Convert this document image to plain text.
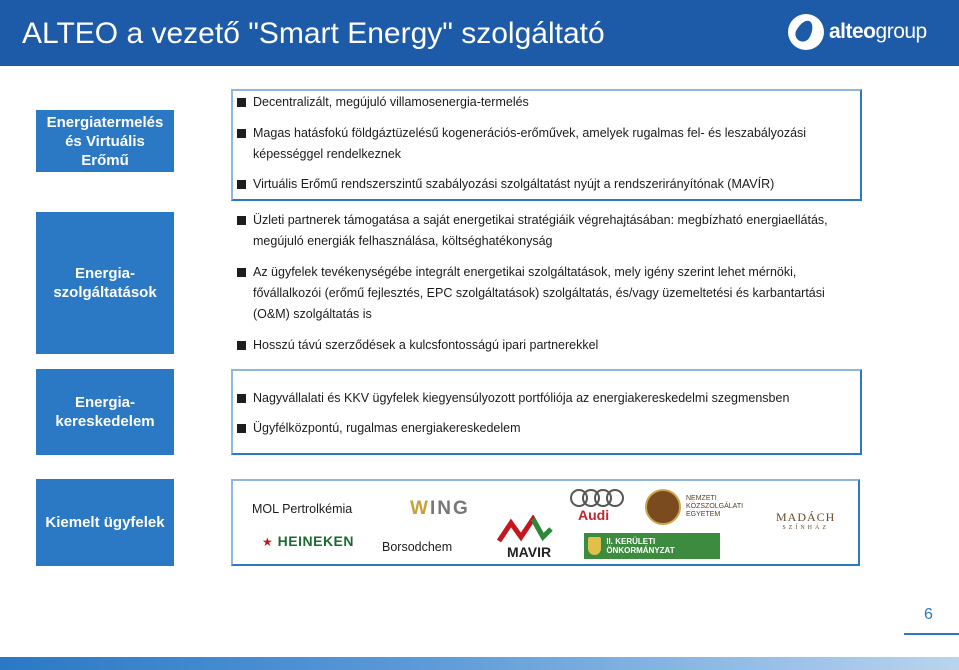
ALTEO a vezető "Smart Energy" szolgáltató	alteogroup
Energiatermelés
és Virtuális
Erőmű
Decentralizált, megújuló villamosenergia-termelés
Magas hatásfokú földgáztüzelésű kogenerációs-erőművek, amelyek rugalmas fel- és leszabályozási képességgel rendelkeznek
Virtuális Erőmű rendszerszintű szabályozási szolgáltatást nyújt a rendszerirányítónak (MAVÍR)
Energia-
szolgáltatások
Üzleti partnerek támogatása a saját energetikai stratégiáik végrehajtásában: megbízható energiaellátás, megújuló energiák felhasználása, költséghatékonyság
Az ügyfelek tevékenységébe integrált energetikai szolgáltatások, mely igény szerint lehet mérnöki, fővállalkozói (erőmű fejlesztés, EPC szolgáltatások) szolgáltatás, és/vagy üzemeltetési és karbantartási (O&M) szolgáltatás is
Hosszú távú szerződések a kulcsfontosságú ipari partnerekkel
Energia-
kereskedelem
Nagyvállalati és KKV ügyfelek kiegyensúlyozott portfóliója az energiakereskedelmi szegmensben
Ügyfélközpontú, rugalmas energiakereskedelem
Kiemelt ügyfelek
MOL Pertrolkémia
Borsodchem
WING	Audi
NEMZETI
KÖZSZOLGÁLATI
EGYETEM	MADÁCH
SZÍNHÁZ
★ HEINEKEN
MAVIR
II. KERÜLETI ÖNKORMÁNYZAT
6
